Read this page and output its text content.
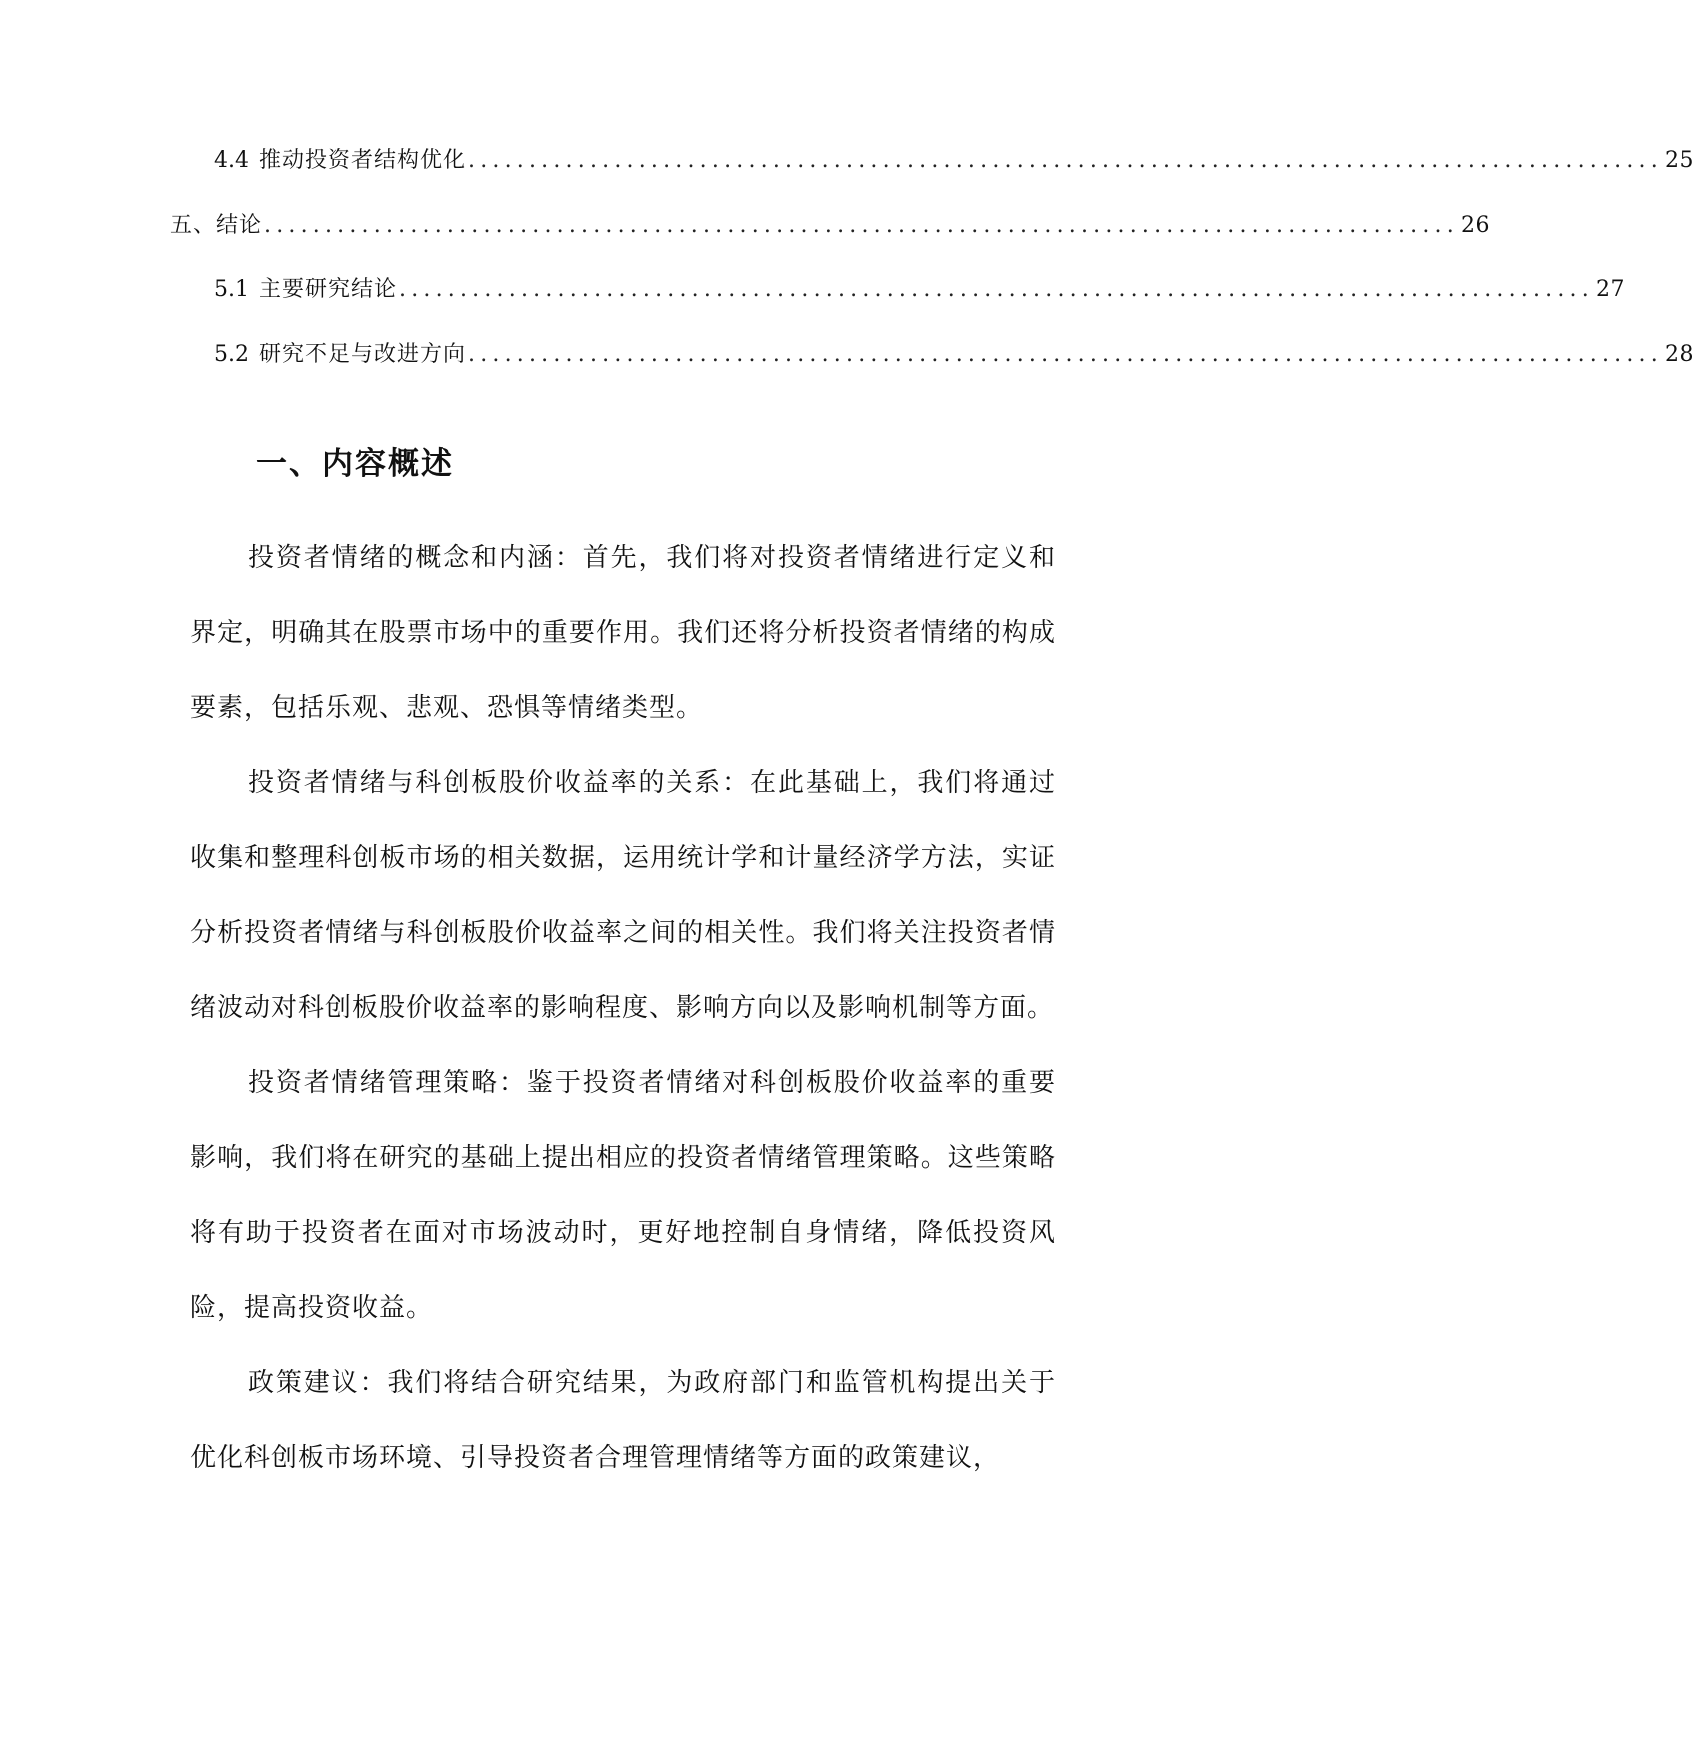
4.4 推动投资者结构优化 .................................................................................................. 25
五、结论 .................................................................................................. 26
5.1 主要研究结论 .................................................................................................. 27
5.2 研究不足与改进方向 .................................................................................................. 28
一、内容概述

投资者情绪的概念和内涵：首先，我们将对投资者情绪进行定义和界定，明确其在股票市场中的重要作用。我们还将分析投资者情绪的构成要素，包括乐观、悲观、恐惧等情绪类型。

投资者情绪与科创板股价收益率的关系：在此基础上，我们将通过收集和整理科创板市场的相关数据，运用统计学和计量经济学方法，实证分析投资者情绪与科创板股价收益率之间的相关性。我们将关注投资者情绪波动对科创板股价收益率的影响程度、影响方向以及影响机制等方面。

投资者情绪管理策略：鉴于投资者情绪对科创板股价收益率的重要影响，我们将在研究的基础上提出相应的投资者情绪管理策略。这些策略将有助于投资者在面对市场波动时，更好地控制自身情绪，降低投资风险，提高投资收益。

政策建议：我们将结合研究结果，为政府部门和监管机构提出关于优化科创板市场环境、引导投资者合理管理情绪等方面的政策建议，
